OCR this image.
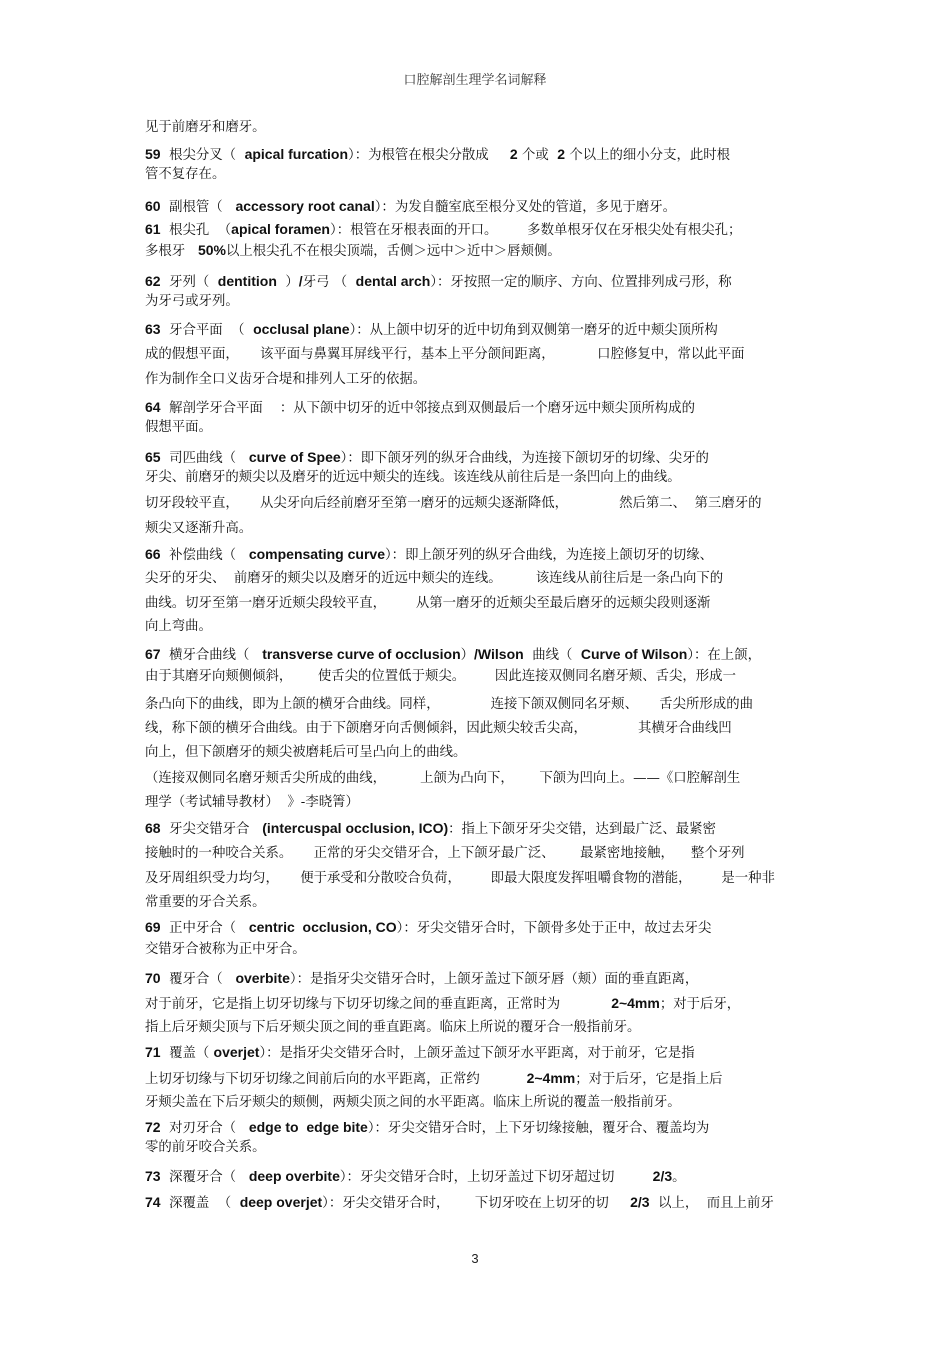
口腔解剖生理学名词解释
见于前磨牙和磨牙。
59  根尖分叉（  apical furcation）：为根管在根尖分散成     2 个或  2 个以上的细小分支，此时根
管不复存在。
60  副根管（   accessory root canal）：为发自髓室底至根分叉处的管道，多见于磨牙。
61  根尖孔  （apical foramen）：根管在牙根表面的开口。       多数单根牙仅在牙根尖处有根尖孔；
多根牙   50%以上根尖孔不在根尖顶端，舌侧＞远中＞近中＞唇颊侧。
62  牙列（  dentition  ）/牙弓 （  dental arch）：牙按照一定的顺序、方向、位置排列成弓形，称
为牙弓或牙列。
63  牙合平面  （  occlusal plane）：从上颌中切牙的近中切角到双侧第一磨牙的近中颊尖顶所构
成的假想平面，     该平面与鼻翼耳屏线平行，基本上平分颌间距离，          口腔修复中，常以此平面
作为制作全口义齿牙合堤和排列人工牙的依据。
64  解剖学牙合平面    ：从下颌中切牙的近中邻接点到双侧最后一个磨牙远中颊尖顶所构成的
假想平面。
65  司匹曲线（   curve of Spee）：即下颌牙列的纵牙合曲线，为连接下颌切牙的切缘、尖牙的
牙尖、前磨牙的颊尖以及磨牙的近远中颊尖的连线。该连线从前往后是一条凹向上的曲线。
切牙段较平直，     从尖牙向后经前磨牙至第一磨牙的远颊尖逐渐降低，            然后第二、  第三磨牙的
颊尖又逐渐升高。
66  补偿曲线（   compensating curve）：即上颌牙列的纵牙合曲线，为连接上颌切牙的切缘、
尖牙的牙尖、  前磨牙的颊尖以及磨牙的近远中颊尖的连线。        该连线从前往后是一条凸向下的
曲线。切牙至第一磨牙近颊尖段较平直，       从第一磨牙的近颊尖至最后磨牙的远颊尖段则逐渐
向上弯曲。
67  横牙合曲线（   transverse curve of occlusion）/Wilson  曲线（  Curve of Wilson）：在上颌，
由于其磨牙向颊侧倾斜，      使舌尖的位置低于颊尖。       因此连接双侧同名磨牙颊、舌尖，形成一
条凸向下的曲线，即为上颌的横牙合曲线。同样，            连接下颌双侧同名牙颊、     舌尖所形成的曲
线，称下颌的横牙合曲线。由于下颌磨牙向舌侧倾斜，因此颊尖较舌尖高，            其横牙合曲线凹
向上，但下颌磨牙的颊尖被磨耗后可呈凸向上的曲线。
（连接双侧同名磨牙颊舌尖所成的曲线，        上颌为凸向下，      下颌为凹向上。——《口腔解剖生
理学（考试辅导教材）  》-李晓箐）
68  牙尖交错牙合   (intercuspal occlusion, ICO)：指上下颌牙牙尖交错，达到最广泛、最紧密
接触时的一种咬合关系。     正常的牙尖交错牙合，上下颌牙最广泛、      最紧密地接触，    整个牙列
及牙周组织受力均匀，     便于承受和分散咬合负荷，       即最大限度发挥咀嚼食物的潜能，       是一种非
常重要的牙合关系。
69  正中牙合（   centric  occlusion, CO）：牙尖交错牙合时，下颌骨多处于正中，故过去牙尖
交错牙合被称为正中牙合。
70  覆牙合（   overbite）：是指牙尖交错牙合时，上颌牙盖过下颌牙唇（颊）面的垂直距离，
对于前牙，它是指上切牙切缘与下切牙切缘之间的垂直距离，正常时为            2~4mm；对于后牙，
指上后牙颊尖顶与下后牙颊尖顶之间的垂直距离。临床上所说的覆牙合一般指前牙。
71  覆盖（ overjet）：是指牙尖交错牙合时，上颌牙盖过下颌牙水平距离，对于前牙，它是指
上切牙切缘与下切牙切缘之间前后向的水平距离，正常约           2~4mm；对于后牙，它是指上后
牙颊尖盖在下后牙颊尖的颊侧，两颊尖顶之间的水平距离。临床上所说的覆盖一般指前牙。
72  对刃牙合（   edge to  edge bite）：牙尖交错牙合时，上下牙切缘接触，覆牙合、覆盖均为
零的前牙咬合关系。
73  深覆牙合（   deep overbite）：牙尖交错牙合时，上切牙盖过下切牙超过切         2/3。
74  深覆盖  （  deep overjet）：牙尖交错牙合时，      下切牙咬在上切牙的切     2/3  以上，  而且上前牙
3
